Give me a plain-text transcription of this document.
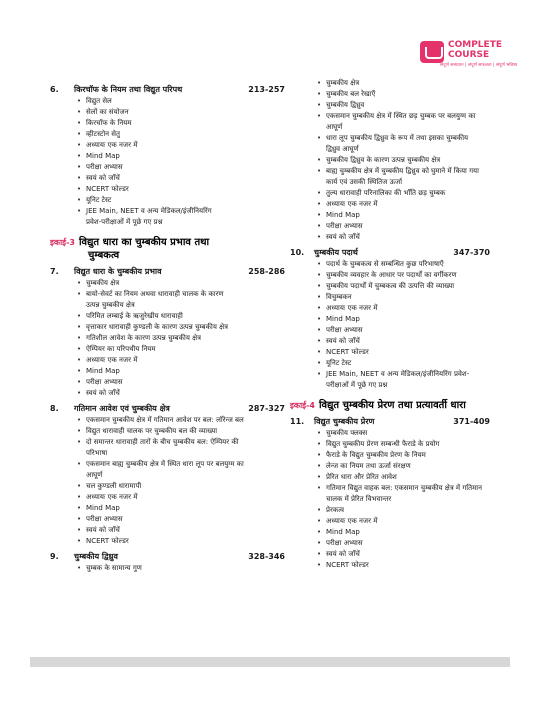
COMPLETE
COURSE
संपूर्ण समाधान | संपूर्ण सफलता | संपूर्ण भविष्य
6. किरचॉफ के नियम तथा विद्युत परिपथ	213-257
• विद्युत सेल
• सेलों का संयोजन
• किरचॉफ के नियम
• व्हीटस्टोन सेतु
• अध्यायः एक नजर में
• Mind Map
• परीक्षा अभ्यास
• स्वयं को जाँचें
• NCERT फोल्डर
• यूनिट टेस्ट
• JEE Main, NEET व अन्य मेडिकल/इंजीनियरिंग
प्रवेश-परीक्षाओं में पूछे गए प्रश्न
इकाई-3 विद्युत धारा का चुम्बकीय प्रभाव तथा
चुम्बकत्व
7. विद्युत धारा के चुम्बकीय प्रभाव	258-286
• चुम्बकीय क्षेत्र
• बायो-सेवर्ट का नियम अथवा धारावाही चालक के कारण
उत्पन्न चुम्बकीय क्षेत्र
• परिमित लम्बाई के ऋजुरेखीय धारावाही
• वृत्ताकार धारावाही कुण्डली के कारण उत्पन्न चुम्बकीय क्षेत्र
• गतिशील आवेश के कारण उत्पन्न चुम्बकीय क्षेत्र
• ऐम्पियर का परिपथीय नियम
• अध्यायः एक नजर में
• Mind Map
• परीक्षा अभ्यास
• स्वयं को जाँचें
8. गतिमान आवेश एवं चुम्बकीय क्षेत्र	287-327
• एकसमान चुम्बकीय क्षेत्र में गतिमान आवेश पर बल: लॉरेन्ज बल
• विद्युत धारावाही चालक पर चुम्बकीय बल की व्याख्या
• दो समान्तर धारावाही तारों के बीच चुम्बकीय बल: ऐम्पियर की
परिभाषा
• एकसमान बाह्य चुम्बकीय क्षेत्र में स्थित धारा लूप पर बलयुग्म का
आघूर्ण
• चल कुण्डली धारामापी
• अध्यायः एक नजर में
• Mind Map
• परीक्षा अभ्यास
• स्वयं को जाँचें
• NCERT फोल्डर
9. चुम्बकीय द्विध्रुव	328-346
• चुम्बक के सामान्य गुण
• चुम्बकीय क्षेत्र
• चुम्बकीय बल रेखाएँ
• चुम्बकीय द्विध्रुव
• एकसमान चुम्बकीय क्षेत्र में स्थित छड़ चुम्बक पर बलयुग्म का
आघूर्ण
• धारा लूप चुम्बकीय द्विध्रुव के रूप में तथा इसका चुम्बकीय
द्विध्रुव आघूर्ण
• चुम्बकीय द्विध्रुव के कारण उत्पन्न चुम्बकीय क्षेत्र
• बाह्य चुम्बकीय क्षेत्र में चुम्बकीय द्विध्रुव को घुमाने में किया गया
कार्य एवं उसकी स्थितिज ऊर्जा
• तुल्य धारावाही परिनालिका की भाँति छड़ चुम्बक
• अध्यायः एक नजर में
• Mind Map
• परीक्षा अभ्यास
• स्वयं को जाँचें
10. चुम्बकीय पदार्थ	347-370
• पदार्थ के चुम्बकत्व से सम्बन्धित कुछ परिभाषाएँ
• चुम्बकीय व्यवहार के आधार पर पदार्थों का वर्गीकरण
• चुम्बकीय पदार्थों में चुम्बकत्व की उत्पत्ति की व्याख्या
• विचुम्बकन
• अध्यायः एक नजर में
• Mind Map
• परीक्षा अभ्यास
• स्वयं को जाँचें
• NCERT फोल्डर
• यूनिट टेस्ट
• JEE Main, NEET व अन्य मेडिकल/इंजीनियरिंग प्रवेश-
परीक्षाओं में पूछे गए प्रश्न
इकाई-4 विद्युत चुम्बकीय प्रेरण तथा प्रत्यावर्ती धारा
11. विद्युत चुम्बकीय प्रेरण	371-409
• चुम्बकीय फ्लक्स
• विद्युत चुम्बकीय प्रेरण सम्बन्धी फैराडे के प्रयोग
• फैराडे के विद्युत चुम्बकीय प्रेरण के नियम
• लेन्ज का नियम तथा ऊर्जा संरक्षण
• प्रेरित धारा और प्रेरित आवेश
• गतिमान विद्युत वाहक बल: एकसमान चुम्बकीय क्षेत्र में गतिमान
चालक में प्रेरित विभवान्तर
• प्रेरकत्व
• अध्यायः एक नजर में
• Mind Map
• परीक्षा अभ्यास
• स्वयं को जाँचें
• NCERT फोल्डर
